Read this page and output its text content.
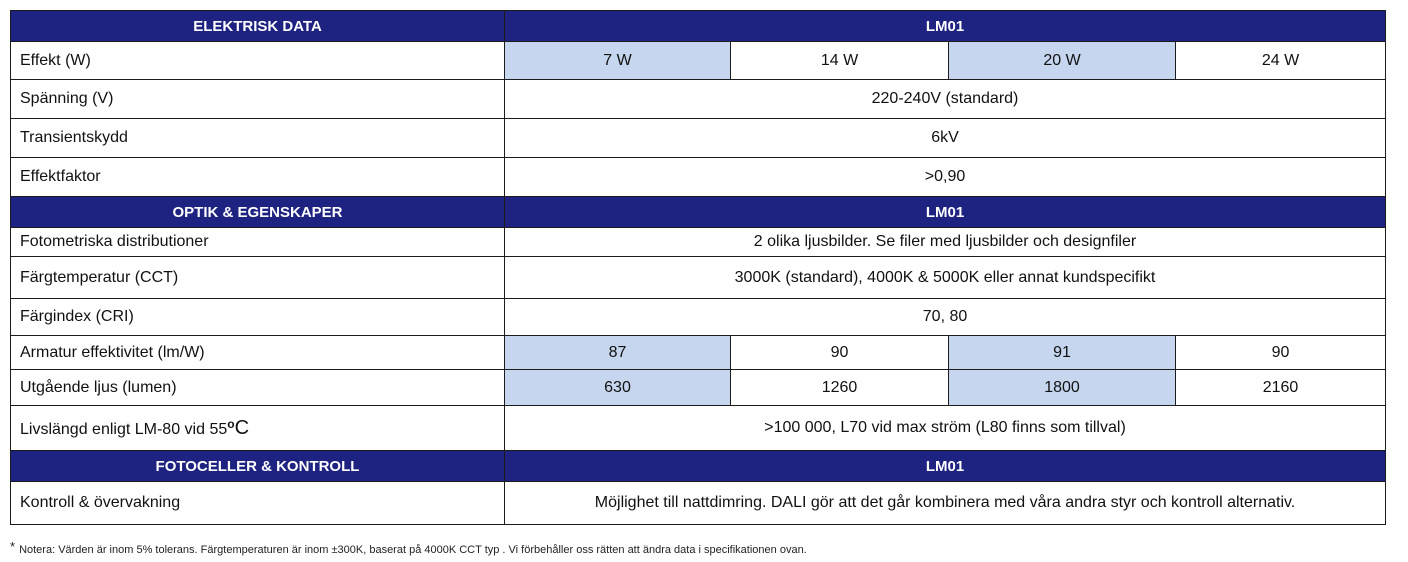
ELEKTRISK DATA	LM01			
Effekt (W)	7 W	14 W	20 W	24 W
Spänning (V)	220-240V (standard)			
Transientskydd	6kV			
Effektfaktor	>0,90			
OPTIK & EGENSKAPER	LM01			
Fotometriska distributioner	2 olika ljusbilder. Se filer med ljusbilder och designfiler			
Färgtemperatur (CCT)	3000K (standard), 4000K & 5000K eller annat kundspecifikt			
Färgindex (CRI)	70, 80			
Armatur effektivitet (lm/W)	87	90	91	90
Utgående ljus (lumen)	630	1260	1800	2160
Livslängd enligt LM-80 vid $55^oC$	>100 000, L70 vid max ström (L80 finns som tillval)			
FOTOCELLER & KONTROLL	LM01			
Kontroll & övervakning	Möjlighet till nattdimring. DALI gör att det går kombinera med våra andra styr och kontroll alternativ.			
* Notera: Värden är inom 5% tolerans. Färgtemperaturen är inom ±300K, baserat på 4000K CCT typ . Vi förbehåller oss rätten att ändra data i specifikationen ovan.
